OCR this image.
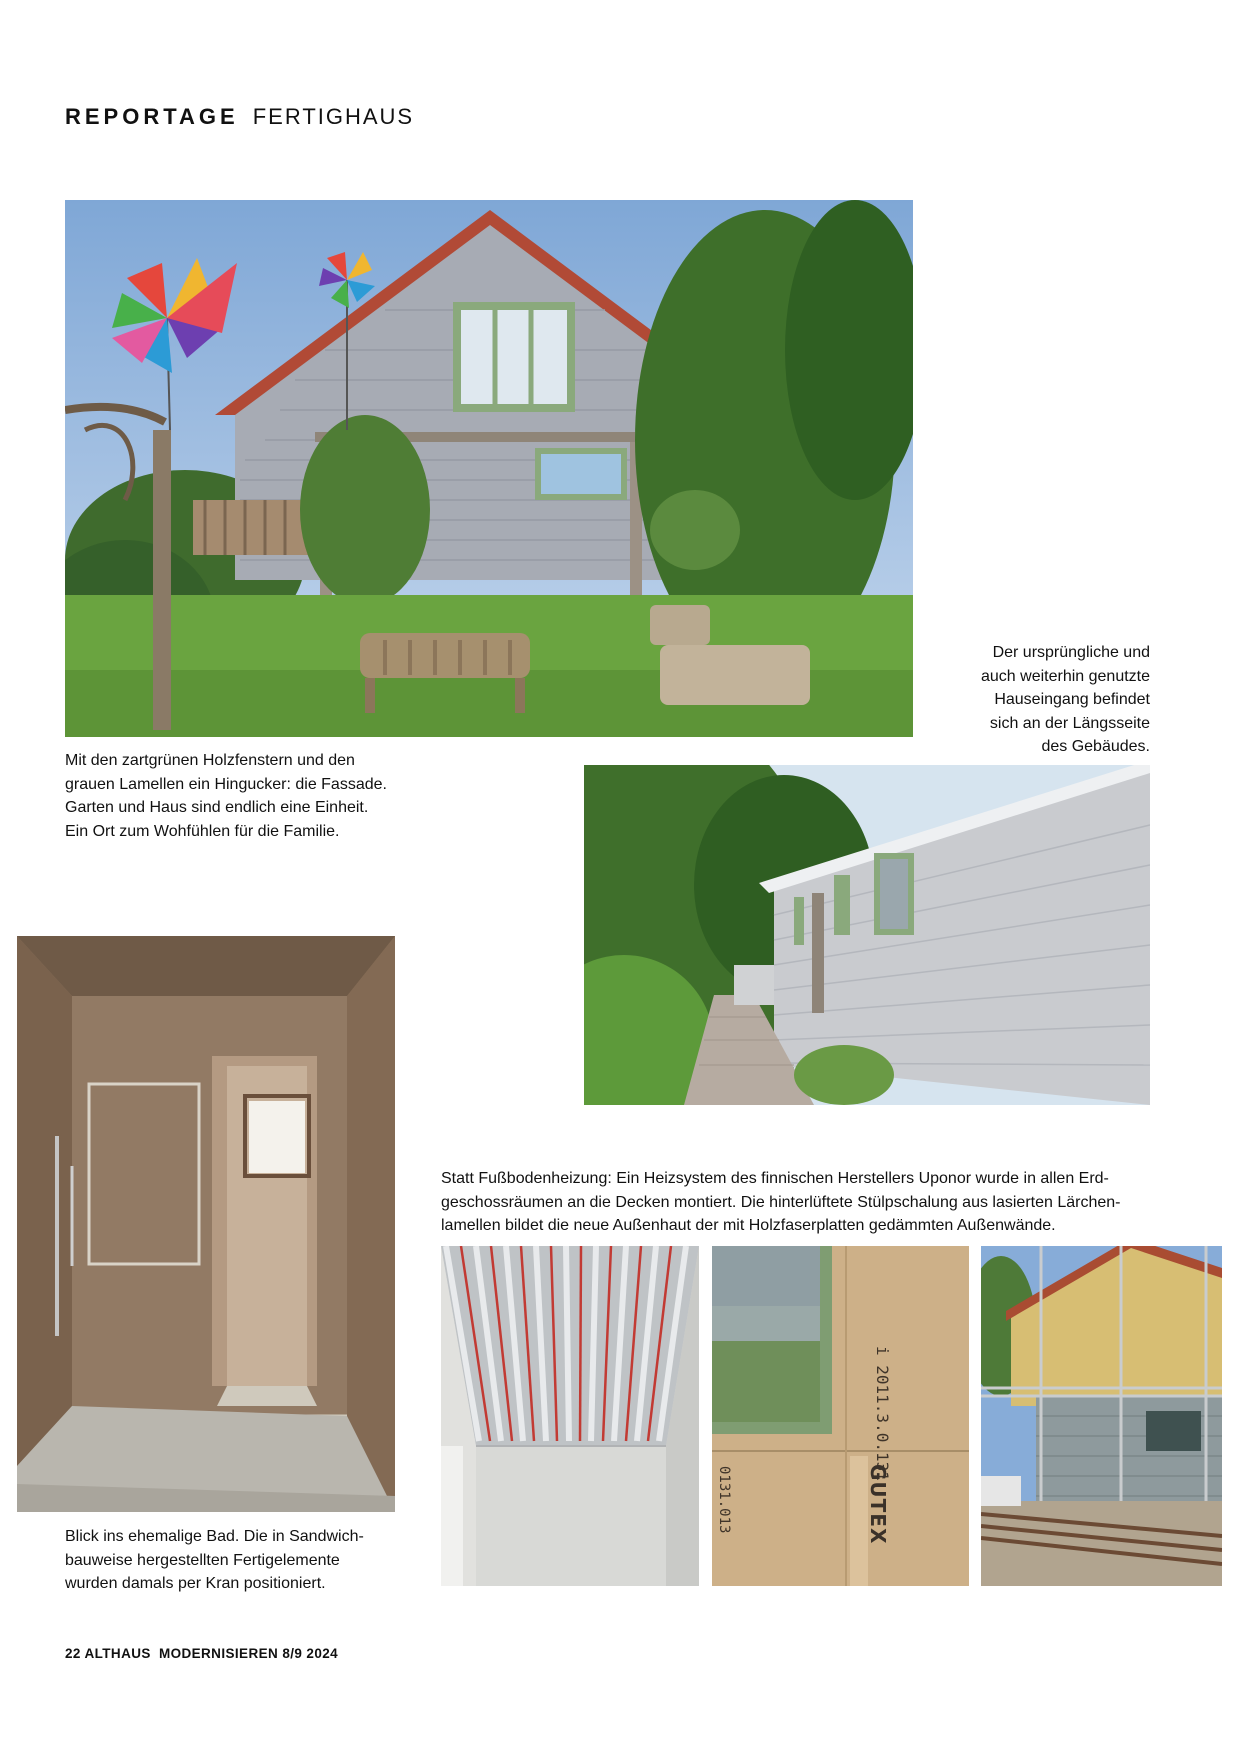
REPORTAGE FERTIGHAUS
Mit den zartgrünen Holzfenstern und den
grauen Lamellen ein Hingucker: die Fassade.
Garten und Haus sind endlich eine Einheit.
Ein Ort zum Wohfühlen für die Familie.
Der ursprüngliche und
auch weiterhin genutzte
Hauseingang befindet
sich an der Längsseite
des Gebäudes.
Blick ins ehemalige Bad. Die in Sandwich-
bauweise hergestellten Fertigelemente
wurden damals per Kran positioniert.
Statt Fußbodenheizung: Ein Heizsystem des finnischen Herstellers Uponor wurde in allen Erd-
geschossräumen an die Decken montiert. Die hinterlüftete Stülpschalung aus lasierten Lärchen-
lamellen bildet die neue Außenhaut der mit Holzfaserplatten gedämmten Außenwände.
i 2011.3.0.131
0131.013	GUTEX
22 ALTHAUS MODERNISIEREN 8/9 2024
